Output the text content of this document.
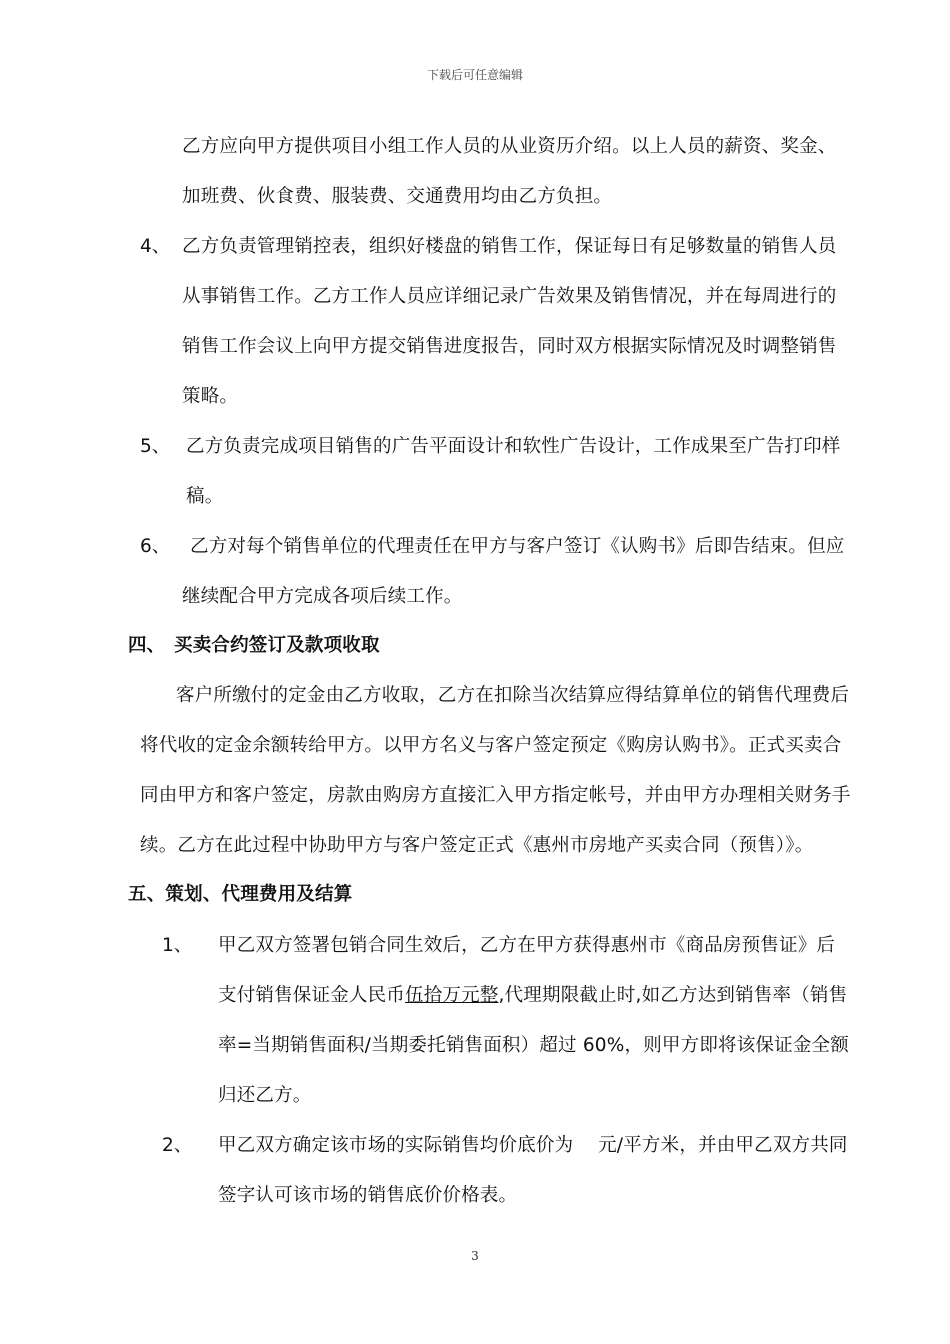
下载后可任意编辑
乙方应向甲方提供项目小组工作人员的从业资历介绍。以上人员的薪资、奖金、
加班费、伙食费、服装费、交通费用均由乙方负担。
4、 乙方负责管理销控表，组织好楼盘的销售工作，保证每日有足够数量的销售人员
从事销售工作。乙方工作人员应详细记录广告效果及销售情况，并在每周进行的
销售工作会议上向甲方提交销售进度报告，同时双方根据实际情况及时调整销售
策略。
5、 乙方负责完成项目销售的广告平面设计和软性广告设计，工作成果至广告打印样
稿。
6、 乙方对每个销售单位的代理责任在甲方与客户签订《认购书》后即告结束。但应
继续配合甲方完成各项后续工作。
四、 买卖合约签订及款项收取
客户所缴付的定金由乙方收取，乙方在扣除当次结算应得结算单位的销售代理费后
将代收的定金余额转给甲方。以甲方名义与客户签定预定《购房认购书》。正式买卖合
同由甲方和客户签定，房款由购房方直接汇入甲方指定帐号，并由甲方办理相关财务手
续。乙方在此过程中协助甲方与客户签定正式《惠州市房地产买卖合同（预售）》。
五、策划、代理费用及结算
1、 甲乙双方签署包销合同生效后，乙方在甲方获得惠州市《商品房预售证》后
支付销售保证金人民币伍拾万元整,代理期限截止时,如乙方达到销售率（销售
率=当期销售面积/当期委托销售面积）超过 60%，则甲方即将该保证金全额
归还乙方。
2、 甲乙双方确定该市场的实际销售均价底价为　 元/平方米，并由甲乙双方共同
签字认可该市场的销售底价价格表。
3
